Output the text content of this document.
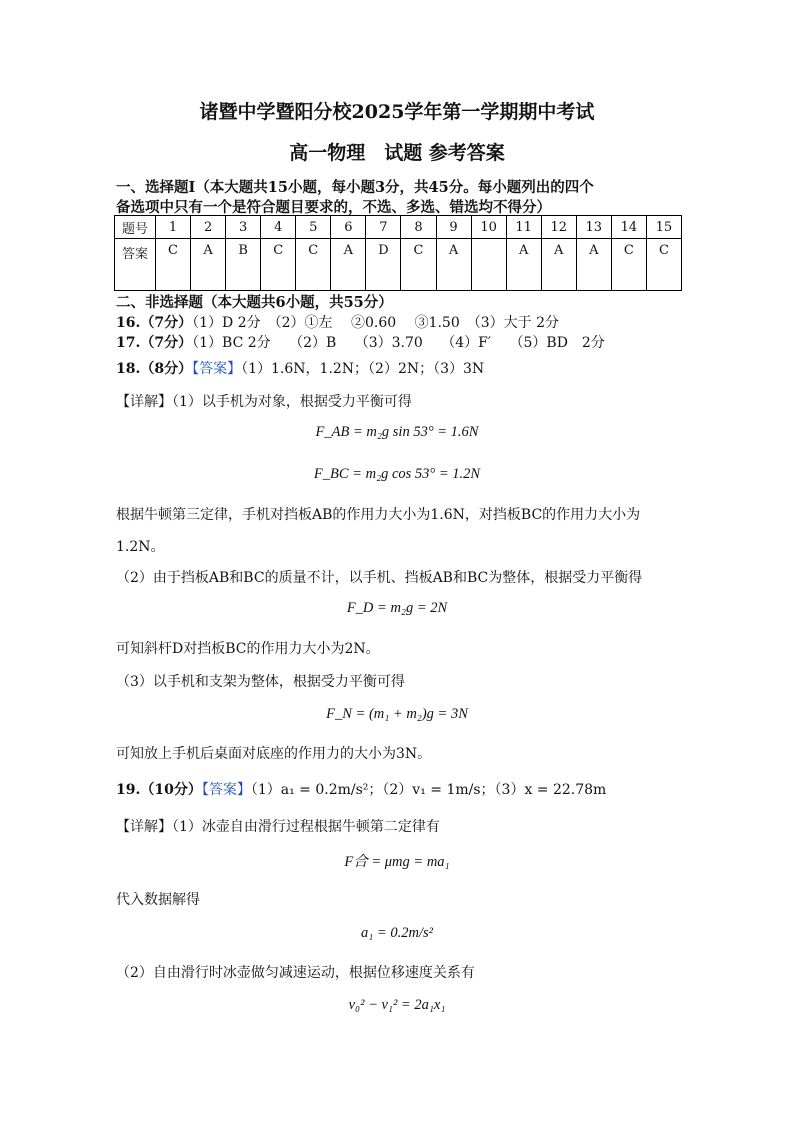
诸暨中学暨阳分校2025学年第一学期期中考试
高一物理　试题 参考答案
一、选择题Ⅰ（本大题共15小题，每小题3分，共45分。每小题列出的四个
备选项中只有一个是符合题目要求的，不选、多选、错选均不得分）
题号	1	2	3	4	5	6	7	8	9	10	11	12	13	14	15
答案	C	A	B	C	C	A	D	C	A		A	A	A	C	C
二、非选择题（本大题共6小题，共55分）
16.（7分）（1）D 2分　（2）①左　 ②0.60　 ③1.50　（3）大于 2分
17.（7分）（1）BC 2分　 （2）B　 （3）3.70　 （4）F′　 （5）BD　2分
18.（8分）【答案】（1）1.6N，1.2N；（2）2N；（3）3N
【详解】（1）以手机为对象，根据受力平衡可得
F_AB = m₂g sin 53° = 1.6N
F_BC = m₂g cos 53° = 1.2N
根据牛顿第三定律，手机对挡板AB的作用力大小为1.6N，对挡板BC的作用力大小为
1.2N。
（2）由于挡板AB和BC的质量不计，以手机、挡板AB和BC为整体，根据受力平衡得
F_D = m₂g = 2N
可知斜杆D对挡板BC的作用力大小为2N。
（3）以手机和支架为整体，根据受力平衡可得
F_N = (m₁ + m₂)g = 3N
可知放上手机后桌面对底座的作用力的大小为3N。
19.（10分）【答案】（1）a₁ = 0.2m/s²；（2）v₁ = 1m/s；（3）x = 22.78m
【详解】（1）冰壶自由滑行过程根据牛顿第二定律有
F合 = μmg = ma₁
代入数据解得
a₁ = 0.2m/s²
（2）自由滑行时冰壶做匀减速运动，根据位移速度关系有
v₀² − v₁² = 2a₁x₁
